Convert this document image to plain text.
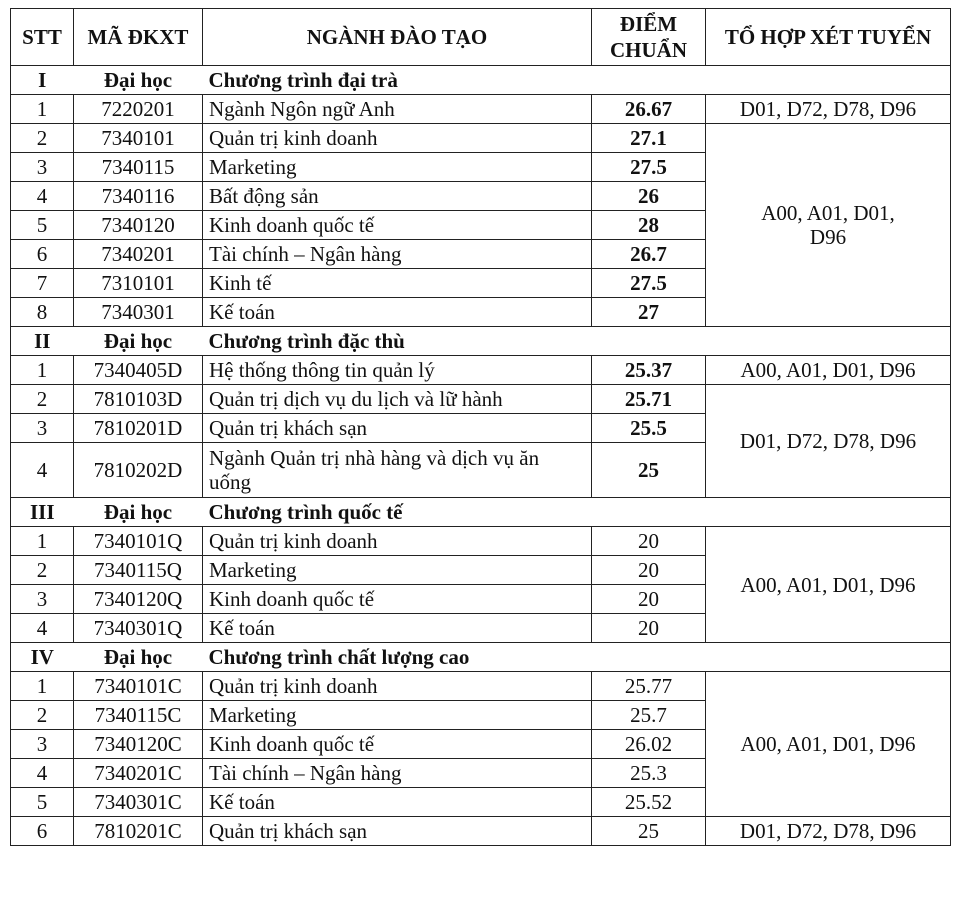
STT	MÃ ĐKXT	NGÀNH ĐÀO TẠO	ĐIỂM CHUẨN	TỔ HỢP XÉT TUYỂN
I	Đại học	Chương trình đại trà		
1	7220201	Ngành Ngôn ngữ Anh	26.67	D01, D72, D78, D96
2	7340101	Quản trị kinh doanh	27.1	A00, A01, D01, D96
3	7340115	Marketing	27.5	
4	7340116	Bất động sản	26	
5	7340120	Kinh doanh quốc tế	28	
6	7340201	Tài chính – Ngân hàng	26.7	
7	7310101	Kinh tế	27.5	
8	7340301	Kế toán	27	
II	Đại học	Chương trình đặc thù		
1	7340405D	Hệ thống thông tin quản lý	25.37	A00, A01, D01, D96
2	7810103D	Quản trị dịch vụ du lịch và lữ hành	25.71	D01, D72, D78, D96
3	7810201D	Quản trị khách sạn	25.5	
4	7810202D	Ngành Quản trị nhà hàng và dịch vụ ăn uống	25	
III	Đại học	Chương trình quốc tế		
1	7340101Q	Quản trị kinh doanh	20	A00, A01, D01, D96
2	7340115Q	Marketing	20	
3	7340120Q	Kinh doanh quốc tế	20	
4	7340301Q	Kế toán	20	
IV	Đại học	Chương trình chất lượng cao		
1	7340101C	Quản trị kinh doanh	25.77	A00, A01, D01, D96
2	7340115C	Marketing	25.7	
3	7340120C	Kinh doanh quốc tế	26.02	
4	7340201C	Tài chính – Ngân hàng	25.3	
5	7340301C	Kế toán	25.52	
6	7810201C	Quản trị khách sạn	25	D01, D72, D78, D96
